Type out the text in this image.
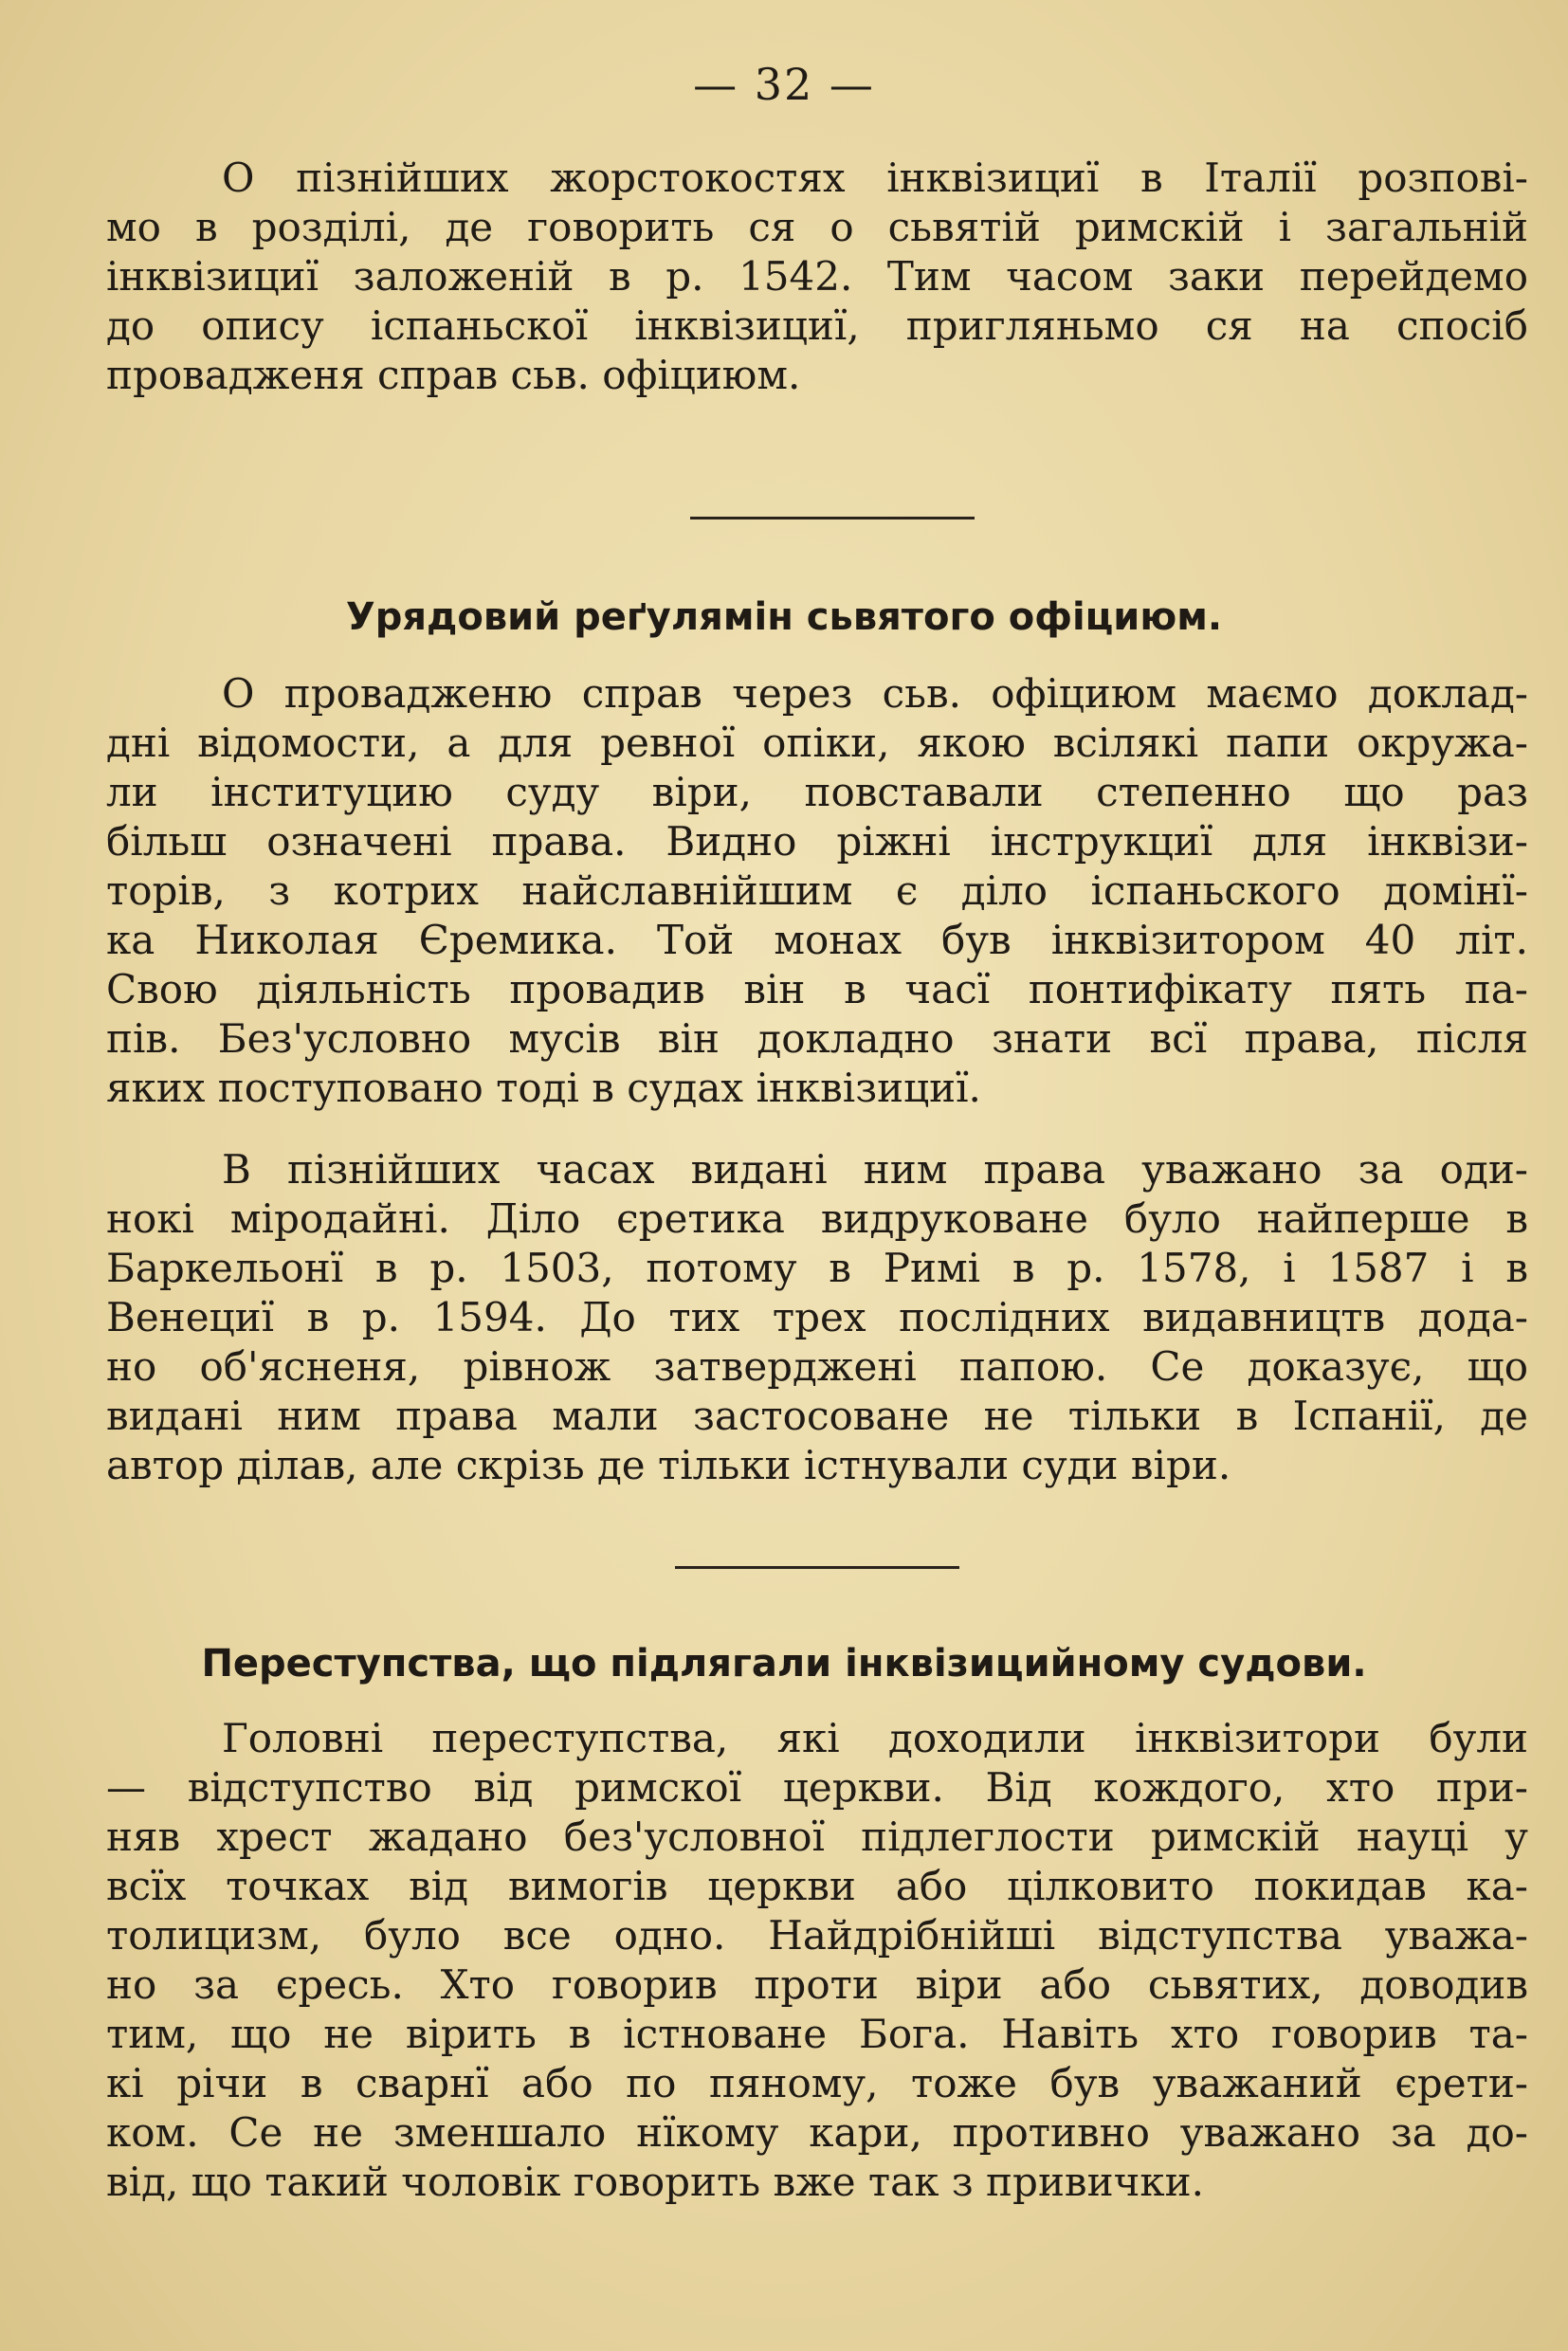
— 32 —
О пізнійших жорстокостях інквізициї в Італії розпові-
мо в розділі, де говорить ся о сьвятій римскій і загальній
інквізициї заложеній в р. 1542. Тим часом заки перейдемо
до опису іспаньскої інквізициї, пригляньмо ся на спосіб
провадженя справ сьв. офіциюм.
Урядовий реґулямін сьвятого офіциюм.
О провадженю справ через сьв. офіциюм маємо доклад-
дні відомости, а для ревної опіки, якою всілякі папи окружа-
ли інституцию суду віри, повставали степенно що раз
більш означені права. Видно ріжні інструкциї для інквізи-
торів, з котрих найславнійшим є діло іспаньского домінї-
ка Николая Єремика. Той монах був інквізитором 40 літ.
Свою діяльність провадив він в часї понтифікату пять па-
пів. Без'условно мусів він докладно знати всї права, після
яких поступовано тоді в судах інквізициї.
В пізнійших часах видані ним права уважано за оди-
нокі міродайні. Діло єретика видруковане було найперше в
Баркельонї в р. 1503, потому в Римі в р. 1578, і 1587 і в
Венециї в р. 1594. До тих трех послідних видавництв дода-
но об'ясненя, рівнож затверджені папою. Се доказує, що
видані ним права мали застосоване не тільки в Іспанії, де
автор ділав, але скрізь де тільки істнували суди віри.
Переступства, що підлягали інквізицийному судови.
Головні переступства, які доходили інквізитори були
— відступство від римскої церкви. Від кождого, хто при-
няв хрест жадано без'условної підлеглости римскій науці у
всїх точках від вимогів церкви або цілковито покидав ка-
толицизм, було все одно. Найдрібнійші відступства уважа-
но за єресь. Хто говорив проти віри або сьвятих, доводив
тим, що не вірить в істноване Бога. Навіть хто говорив та-
кі річи в сварнї або по пяному, тоже був уважаний єрети-
ком. Се не зменшало нїкому кари, противно уважано за до-
від, що такий чоловік говорить вже так з привички.
